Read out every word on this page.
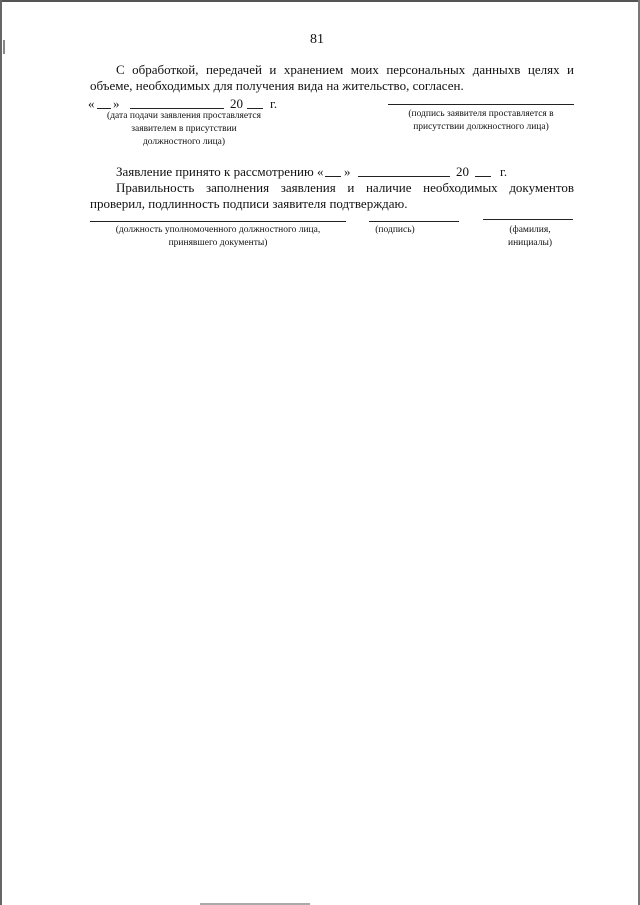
81
С обработкой, передачей и хранением моих персональных данныхв целях и объеме, необходимых для получения вида на жительство, согласен.
« »	20 г.
(дата подачи заявления проставляется заявителем в присутствии должностного лица)
(подпись заявителя проставляется в присутствии должностного лица)
Заявление принято к рассмотрению « »	20 г.
Правильность заполнения заявления и наличие необходимых документов проверил, подлинность подписи заявителя подтверждаю.
(должность уполномоченного должностного лица,
принявшего документы)
(подпись)	(фамилия,
инициалы)
